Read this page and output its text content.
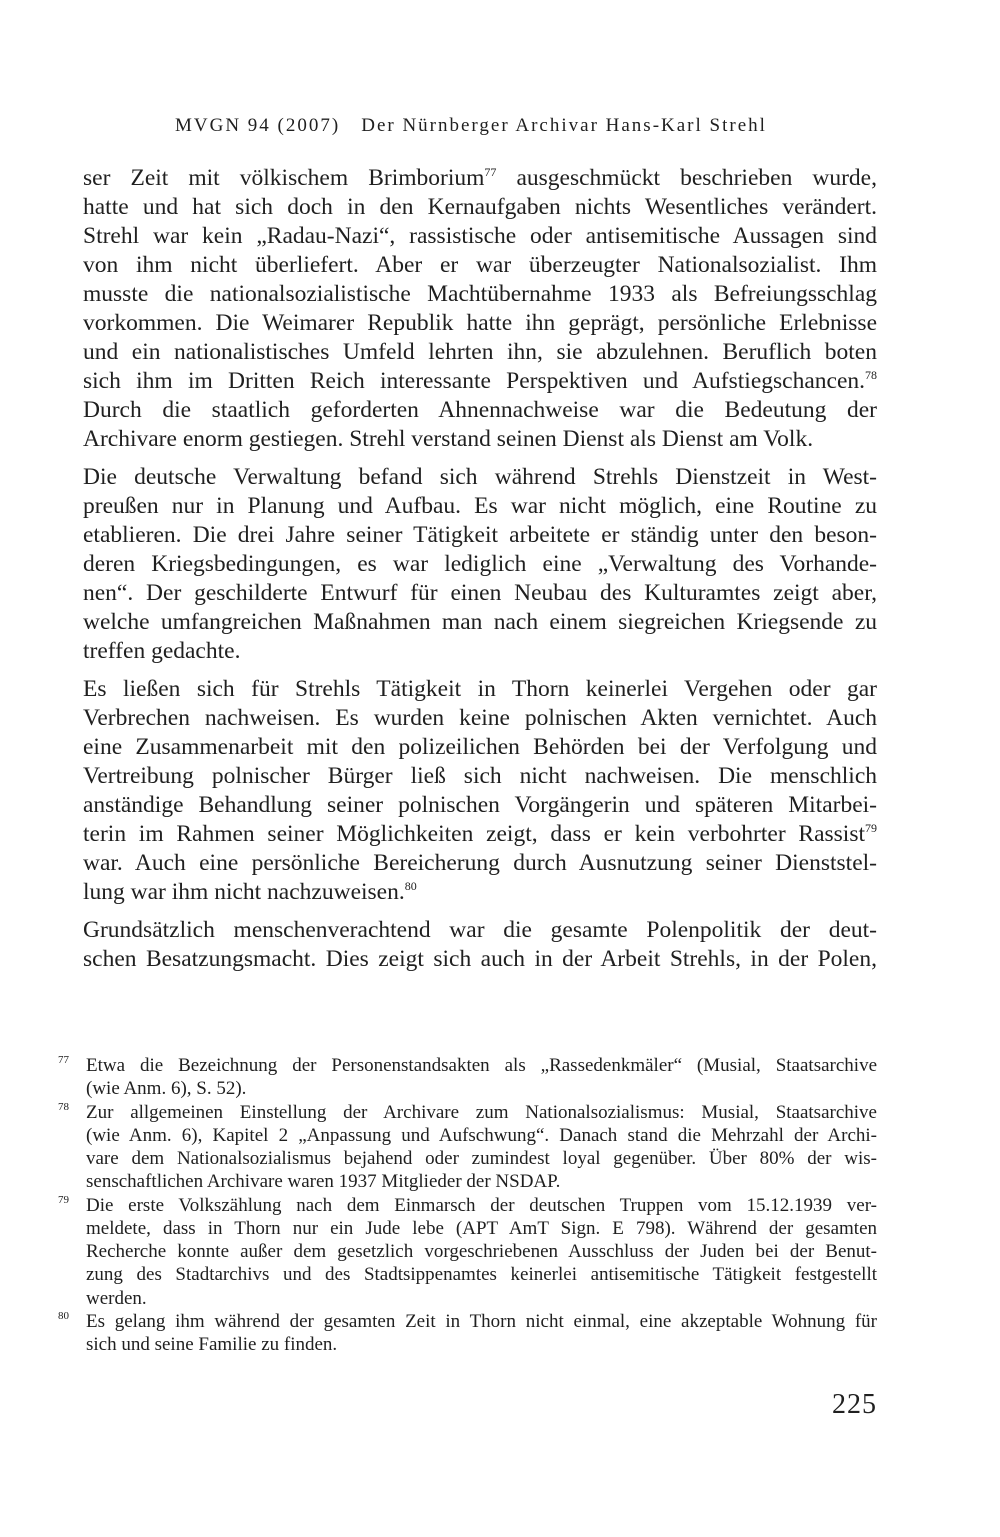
MVGN 94 (2007) Der Nürnberger Archivar Hans-Karl Strehl
ser Zeit mit völkischem Brimborium$^{77}$ ausgeschmückt beschrieben wurde,
hatte und hat sich doch in den Kernaufgaben nichts Wesentliches verändert.
Strehl war kein „Radau-Nazi“, rassistische oder antisemitische Aussagen sind
von ihm nicht überliefert. Aber er war überzeugter Nationalsozialist. Ihm
musste die nationalsozialistische Machtübernahme 1933 als Befreiungsschlag
vorkommen. Die Weimarer Republik hatte ihn geprägt, persönliche Erlebnisse
und ein nationalistisches Umfeld lehrten ihn, sie abzulehnen. Beruflich boten
sich ihm im Dritten Reich interessante Perspektiven und Aufstiegschancen.$^{78}$
Durch die staatlich geforderten Ahnennachweise war die Bedeutung der
Archivare enorm gestiegen. Strehl verstand seinen Dienst als Dienst am Volk.
Die deutsche Verwaltung befand sich während Strehls Dienstzeit in West-
preußen nur in Planung und Aufbau. Es war nicht möglich, eine Routine zu
etablieren. Die drei Jahre seiner Tätigkeit arbeitete er ständig unter den beson-
deren Kriegsbedingungen, es war lediglich eine „Verwaltung des Vorhande-
nen“. Der geschilderte Entwurf für einen Neubau des Kulturamtes zeigt aber,
welche umfangreichen Maßnahmen man nach einem siegreichen Kriegsende zu
treffen gedachte.
Es ließen sich für Strehls Tätigkeit in Thorn keinerlei Vergehen oder gar
Verbrechen nachweisen. Es wurden keine polnischen Akten vernichtet. Auch
eine Zusammenarbeit mit den polizeilichen Behörden bei der Verfolgung und
Vertreibung polnischer Bürger ließ sich nicht nachweisen. Die menschlich
anständige Behandlung seiner polnischen Vorgängerin und späteren Mitarbei-
terin im Rahmen seiner Möglichkeiten zeigt, dass er kein verbohrter Rassist$^{79}$
war. Auch eine persönliche Bereicherung durch Ausnutzung seiner Dienststel-
lung war ihm nicht nachzuweisen.$^{80}$
Grundsätzlich menschenverachtend war die gesamte Polenpolitik der deut-
schen Besatzungsmacht. Dies zeigt sich auch in der Arbeit Strehls, in der Polen,
77 Etwa die Bezeichnung der Personenstandsakten als „Rassedenkmäler“ (Musial, Staatsarchive
(wie Anm. 6), S. 52).
78 Zur allgemeinen Einstellung der Archivare zum Nationalsozialismus: Musial, Staatsarchive
(wie Anm. 6), Kapitel 2 „Anpassung und Aufschwung“. Danach stand die Mehrzahl der Archi-
vare dem Nationalsozialismus bejahend oder zumindest loyal gegenüber. Über 80% der wis-
senschaftlichen Archivare waren 1937 Mitglieder der NSDAP.
79 Die erste Volkszählung nach dem Einmarsch der deutschen Truppen vom 15.12.1939 ver-
meldete, dass in Thorn nur ein Jude lebe (APT AmT Sign. E 798). Während der gesamten
Recherche konnte außer dem gesetzlich vorgeschriebenen Ausschluss der Juden bei der Benut-
zung des Stadtarchivs und des Stadtsippenamtes keinerlei antisemitische Tätigkeit festgestellt
werden.
80 Es gelang ihm während der gesamten Zeit in Thorn nicht einmal, eine akzeptable Wohnung für
sich und seine Familie zu finden.
225
